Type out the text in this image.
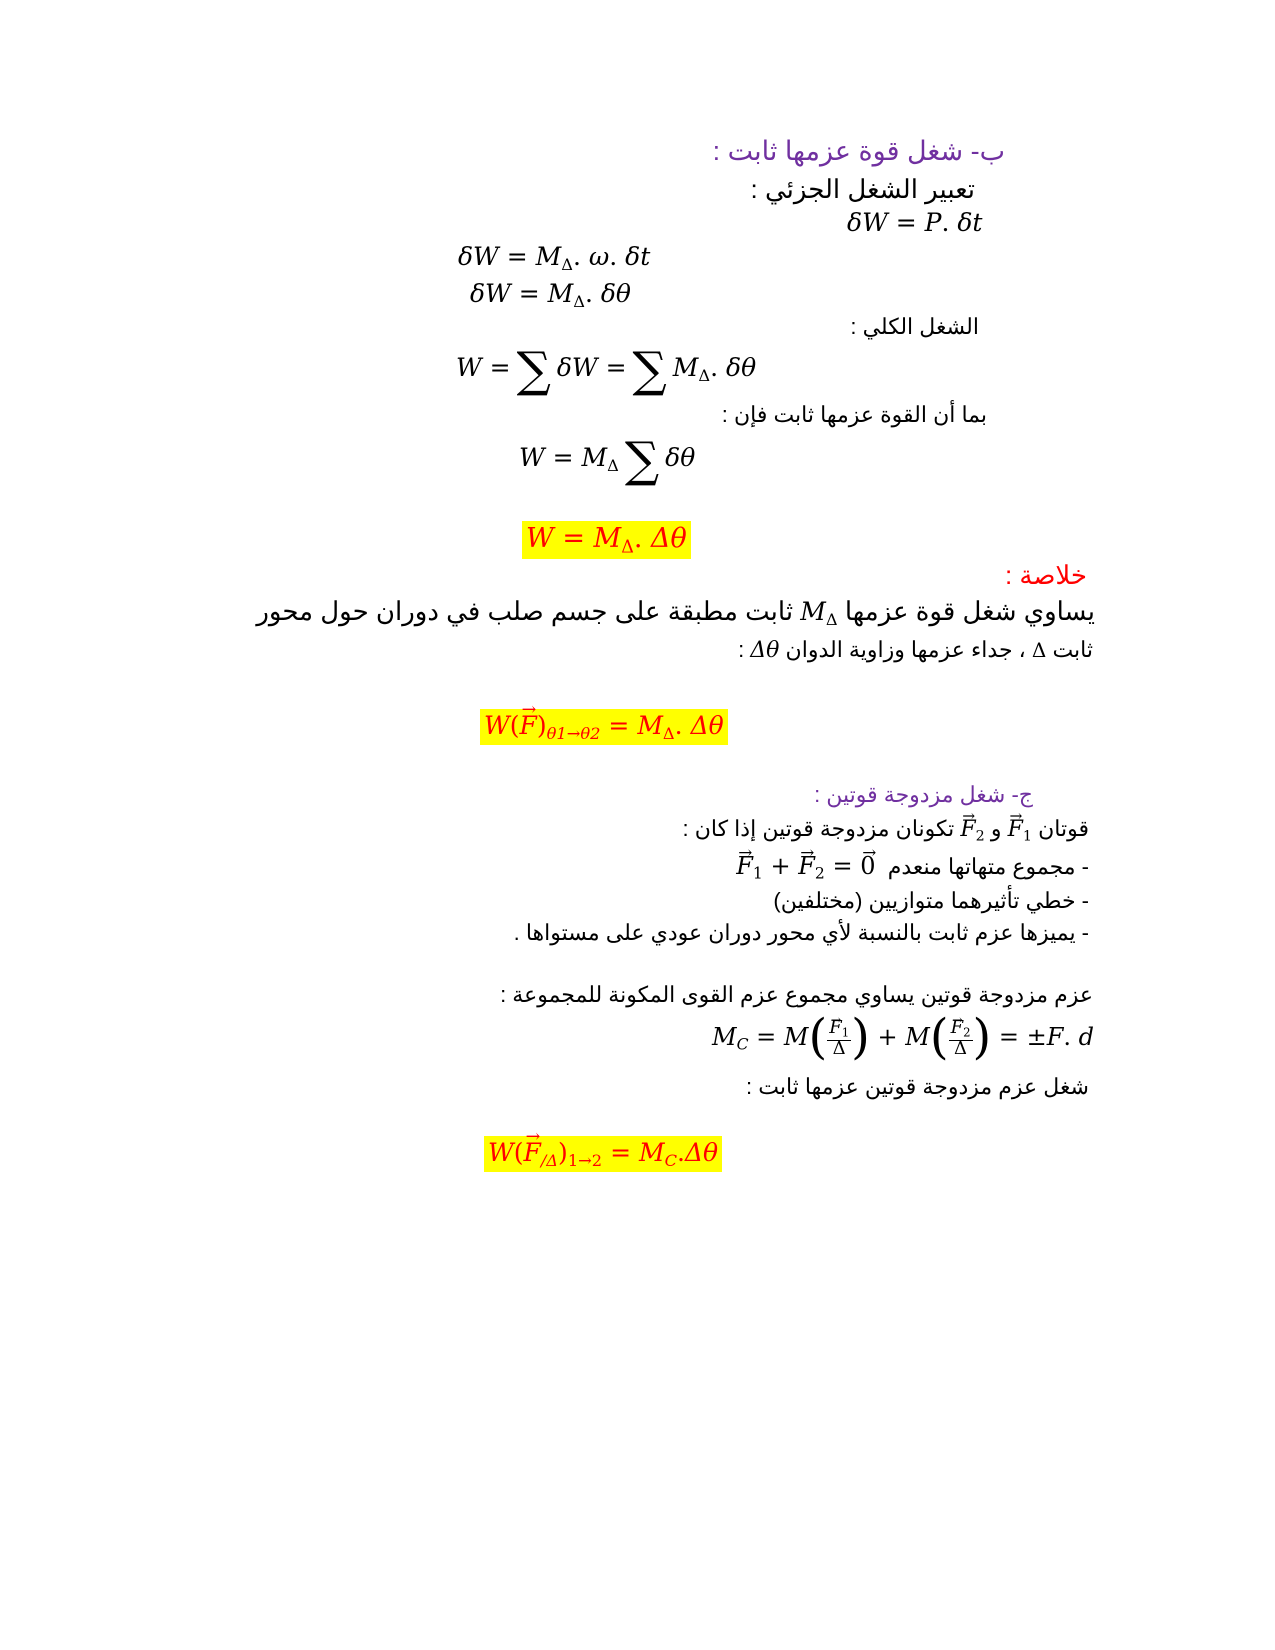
ب- شغل قوة عزمها ثابت :
تعبير الشغل الجزئي :
δW = P. δt
$\delta W = M_\Delta$. ω. δt
$\delta W = M_\Delta$. δθ
الشغل الكلي :
W = ∑ δW = ∑ $M_\Delta$. δθ
بما أن القوة عزمها ثابت فإن :
$W = M_\Delta$ ∑ δθ
$W = M_\Delta$. Δθ
خلاصة :
يساوي شغل قوة عزمها $M_\Delta$ ثابت مطبقة على جسم صلب في دوران حول محور
ثابت Δ ، جداء عزمها وزاوية الدوان Δθ :
$W(\to F)_{\theta 1\to\theta 2} = M_\Delta$. Δθ
ج- شغل مزدوجة قوتين :
قوتان → $F_1$ و → $F_2$ تكونان مزدوجة قوتين إذا كان :
- مجموع متهاتها منعدم  → $F_1$ + → $F_2$ = → 0
- خطي تأثيرهما متوازيين (مختلفين)
- يميزها عزم ثابت بالنسبة لأي محور دوران عودي على مستواها .
عزم مزدوجة قوتين يساوي مجموع عزم القوى المكونة للمجموعة :
$M_C = M$(
→ $\frac{F_1}{\Delta}) + M$(
→ $\frac{F_2}{\Delta}) = \pm F$. d
شغل عزم مزدوجة قوتين عزمها ثابت :
$W(\to F_{/\Delta})_{1\to 2} = M_C.\Delta\theta$
